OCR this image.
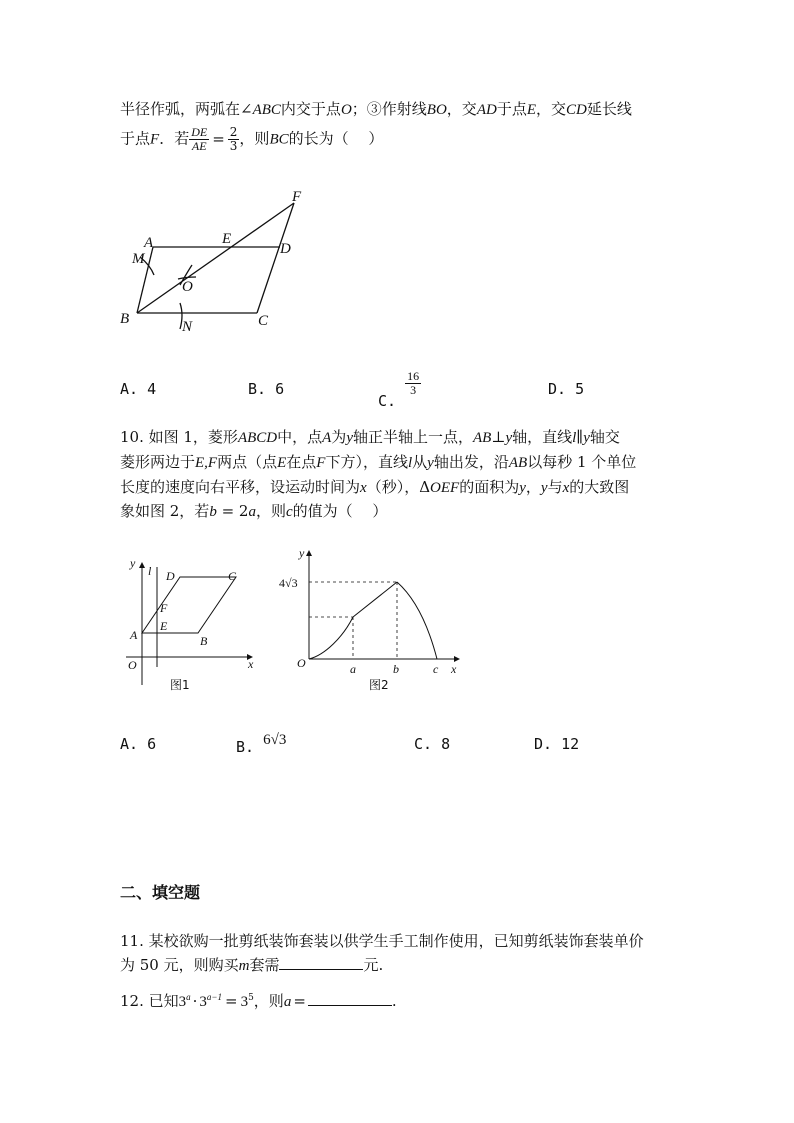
半径作弧，两弧在∠ABC内交于点O；③作射线BO，交AD于点E，交CD延长线
于点F．若 $\frac{DE}{AE} = \frac{2}{3}$ ，则BC的长为（　 ）
A
B	C
D
E
F
M
N
O
A. 4	B. 6
C.
$\frac{16}{3}$	D. 5
10. 如图 1，菱形ABCD中，点A为y轴正半轴上一点，AB⊥y轴，直线l∥y轴交
菱形两边于E,F两点（点E在点F下方），直线l从y轴出发，沿AB以每秒 1 个单位
长度的速度向右平移，设运动时间为x（秒），ΔOEF的面积为y，y与x的大致图
象如图 2，若b = 2a，则c的值为（　 ）
y
l D	C
F
E
A	B
O	x
图1
y
4√3
O	a	b	c x
图2
A. 6	B. 6√3	C. 8	D. 12
二、填空题
11. 某校欲购一批剪纸装饰套装以供学生手工制作使用，已知剪纸装饰套装单价
为 50 元，则购买m套需	元.
12. 已知$3^a \cdot 3^{a-1} = 3^5$，则a =	.
